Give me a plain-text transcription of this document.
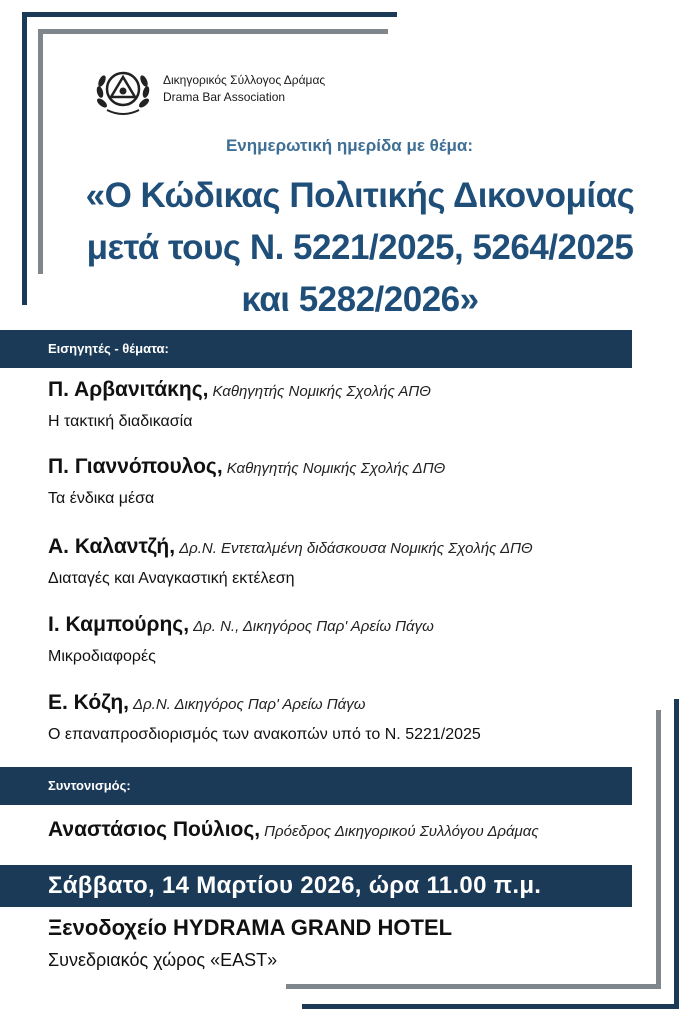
Δικηγορικός Σύλλογος Δράμας
Drama Bar Association
Ενημερωτική ημερίδα με θέμα:
«Ο Κώδικας Πολιτικής Δικονομίας
μετά τους Ν. 5221/2025, 5264/2025
και 5282/2026»
Εισηγητές - θέματα:
Π. Αρβανιτάκης, Καθηγητής Νομικής Σχολής ΑΠΘ
Η τακτική διαδικασία
Π. Γιαννόπουλος, Καθηγητής Νομικής Σχολής ΔΠΘ
Τα ένδικα μέσα
Α. Καλαντζή, Δρ.Ν. Εντεταλμένη διδάσκουσα Νομικής Σχολής ΔΠΘ
Διαταγές και Αναγκαστική εκτέλεση
Ι. Καμπούρης, Δρ. Ν., Δικηγόρος Παρ' Αρείω Πάγω
Μικροδιαφορές
Ε. Κόζη, Δρ.Ν. Δικηγόρος Παρ' Αρείω Πάγω
Ο επαναπροσδιορισμός των ανακοπών υπό το Ν. 5221/2025
Συντονισμός:
Αναστάσιος Πούλιος, Πρόεδρος Δικηγορικού Συλλόγου Δράμας
Σάββατο, 14 Μαρτίου 2026, ώρα 11.00 π.μ.
Ξενοδοχείο HYDRAMA GRAND HOTEL
Συνεδριακός χώρος «EAST»
